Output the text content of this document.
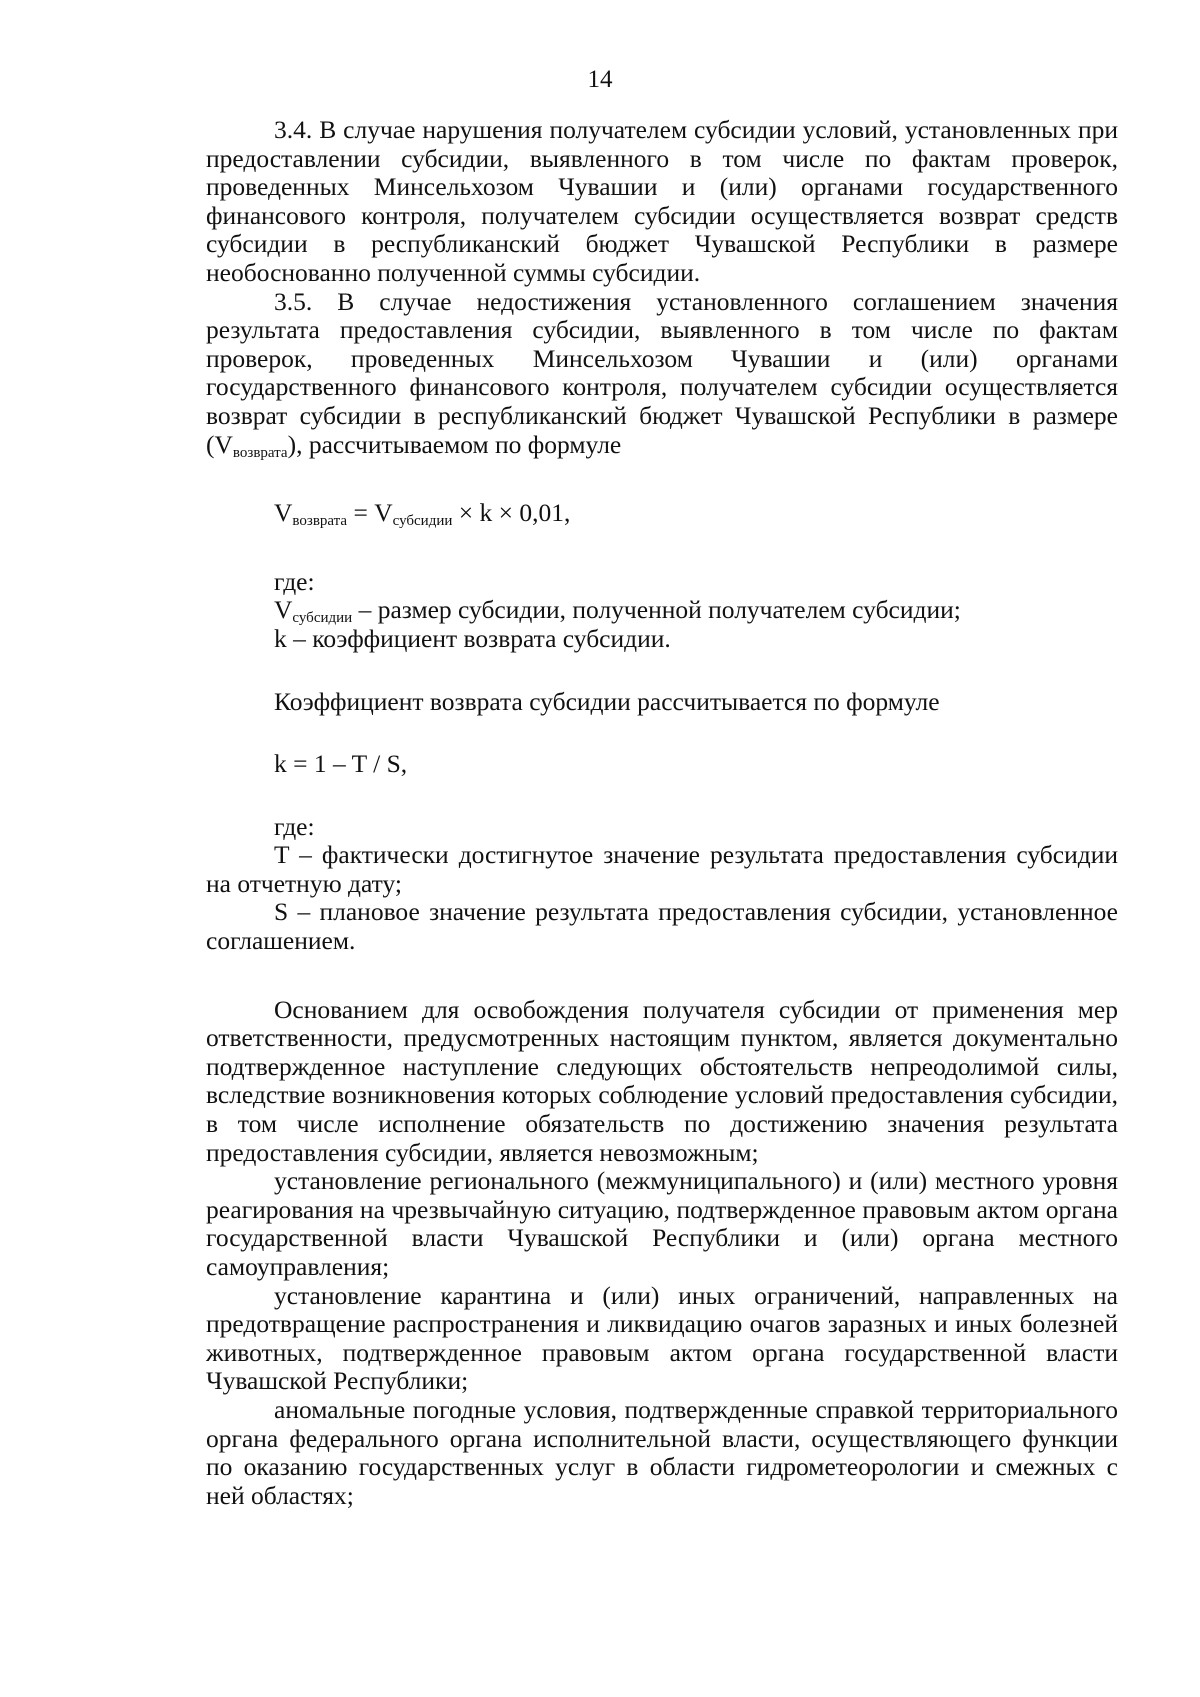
14

3.4. В случае нарушения получателем субсидии условий, установленных при предоставлении субсидии, выявленного в том числе по фактам проверок, проведенных Минсельхозом Чувашии и (или) органами государственного финансового контроля, получателем субсидии осуществляется возврат средств субсидии в республиканский бюджет Чувашской Республики в размере необоснованно полученной суммы субсидии.

3.5. В случае недостижения установленного соглашением значения результата предоставления субсидии, выявленного в том числе по фактам проверок, проведенных Минсельхозом Чувашии и (или) органами государственного финансового контроля, получателем субсидии осуществляется возврат субсидии в республиканский бюджет Чувашской Республики в размере $(V_{возврата})$, рассчитываемом по формуле

$V_{возврата} = V_{субсидии} \times k \times 0,01$,

где:

$V_{субсидии}$ – размер субсидии, полученной получателем субсидии;

k – коэффициент возврата субсидии.

Коэффициент возврата субсидии рассчитывается по формуле

k = 1 – T / S,

где:

T – фактически достигнутое значение результата предоставления субсидии на отчетную дату;

S – плановое значение результата предоставления субсидии, установленное соглашением.

Основанием для освобождения получателя субсидии от применения мер ответственности, предусмотренных настоящим пунктом, является документально подтвержденное наступление следующих обстоятельств непреодолимой силы, вследствие возникновения которых соблюдение условий предоставления субсидии, в том числе исполнение обязательств по достижению значения результата предоставления субсидии, является невозможным;

установление регионального (межмуниципального) и (или) местного уровня реагирования на чрезвычайную ситуацию, подтвержденное правовым актом органа государственной власти Чувашской Республики и (или) органа местного самоуправления;

установление карантина и (или) иных ограничений, направленных на предотвращение распространения и ликвидацию очагов заразных и иных болезней животных, подтвержденное правовым актом органа государственной власти Чувашской Республики;

аномальные погодные условия, подтвержденные справкой территориального органа федерального органа исполнительной власти, осуществляющего функции по оказанию государственных услуг в области гидрометеорологии и смежных с ней областях;
